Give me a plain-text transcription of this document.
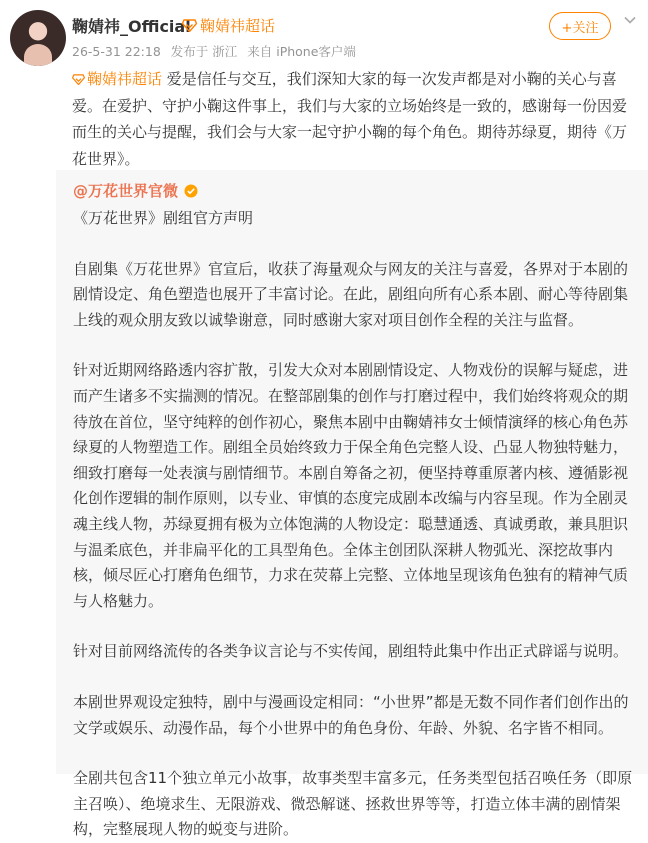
鞠婧祎_Official 鞠婧祎超话
26-5-31 22:18 发布于 浙江 来自 iPhone客户端
+关注
鞠婧祎超话 爱是信任与交互，我们深知大家的每一次发声都是对小鞠的关心与喜爱。在爱护、守护小鞠这件事上，我们与大家的立场始终是一致的，感谢每一份因爱而生的关心与提醒，我们会与大家一起守护小鞠的每个角色。期待苏绿夏，期待《万花世界》。
@万花世界官微

《万花世界》剧组官方声明

自剧集《万花世界》官宣后，收获了海量观众与网友的关注与喜爱，各界对于本剧的剧情设定、角色塑造也展开了丰富讨论。在此，剧组向所有心系本剧、耐心等待剧集上线的观众朋友致以诚挚谢意，同时感谢大家对项目创作全程的关注与监督。

针对近期网络路透内容扩散，引发大众对本剧剧情设定、人物戏份的误解与疑虑，进而产生诸多不实揣测的情况。在整部剧集的创作与打磨过程中，我们始终将观众的期待放在首位，坚守纯粹的创作初心，聚焦本剧中由鞠婧祎女士倾情演绎的核心角色苏绿夏的人物塑造工作。剧组全员始终致力于保全角色完整人设、凸显人物独特魅力，细致打磨每一处表演与剧情细节。本剧自筹备之初，便坚持尊重原著内核、遵循影视化创作逻辑的制作原则，以专业、审慎的态度完成剧本改编与内容呈现。作为全剧灵魂主线人物，苏绿夏拥有极为立体饱满的人物设定：聪慧通透、真诚勇敢，兼具胆识与温柔底色，并非扁平化的工具型角色。全体主创团队深耕人物弧光、深挖故事内核，倾尽匠心打磨角色细节，力求在荧幕上完整、立体地呈现该角色独有的精神气质与人格魅力。

针对目前网络流传的各类争议言论与不实传闻，剧组特此集中作出正式辟谣与说明。

本剧世界观设定独特，剧中与漫画设定相同：“小世界”都是无数不同作者们创作出的文学或娱乐、动漫作品，每个小世界中的角色身份、年龄、外貌、名字皆不相同。

全剧共包含11个独立单元小故事，故事类型丰富多元，任务类型包括召唤任务（即原主召唤）、绝境求生、无限游戏、微恐解谜、拯救世界等等，打造立体丰满的剧情架构，完整展现人物的蜕变与进阶。
